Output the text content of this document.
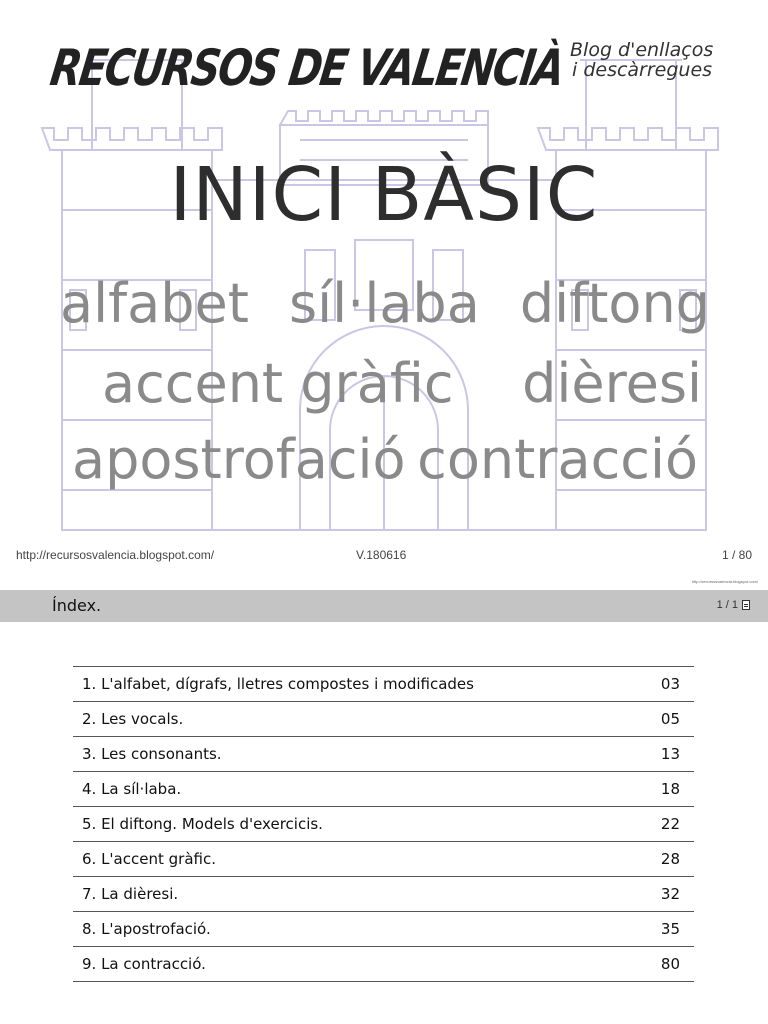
RECURSOS DE VALENCIÀ Blog d'enllaços
i descàrregues
INICI BÀSIC
alfabet síl·laba diftong
accent gràfic dièresi
apostrofació contracció
http://recursosvalencia.blogspot.com/	V.180616	1 / 80
http://recursosvalencia.blogspot.com/
Índex.	1 / 1
1. L'alfabet, dígrafs, lletres compostes i modificades	03
2. Les vocals.	05
3. Les consonants.	13
4. La síl·laba.	18
5. El diftong. Models d'exercicis.	22
6. L'accent gràfic.	28
7. La dièresi.	32
8. L'apostrofació.	35
9. La contracció.	80
